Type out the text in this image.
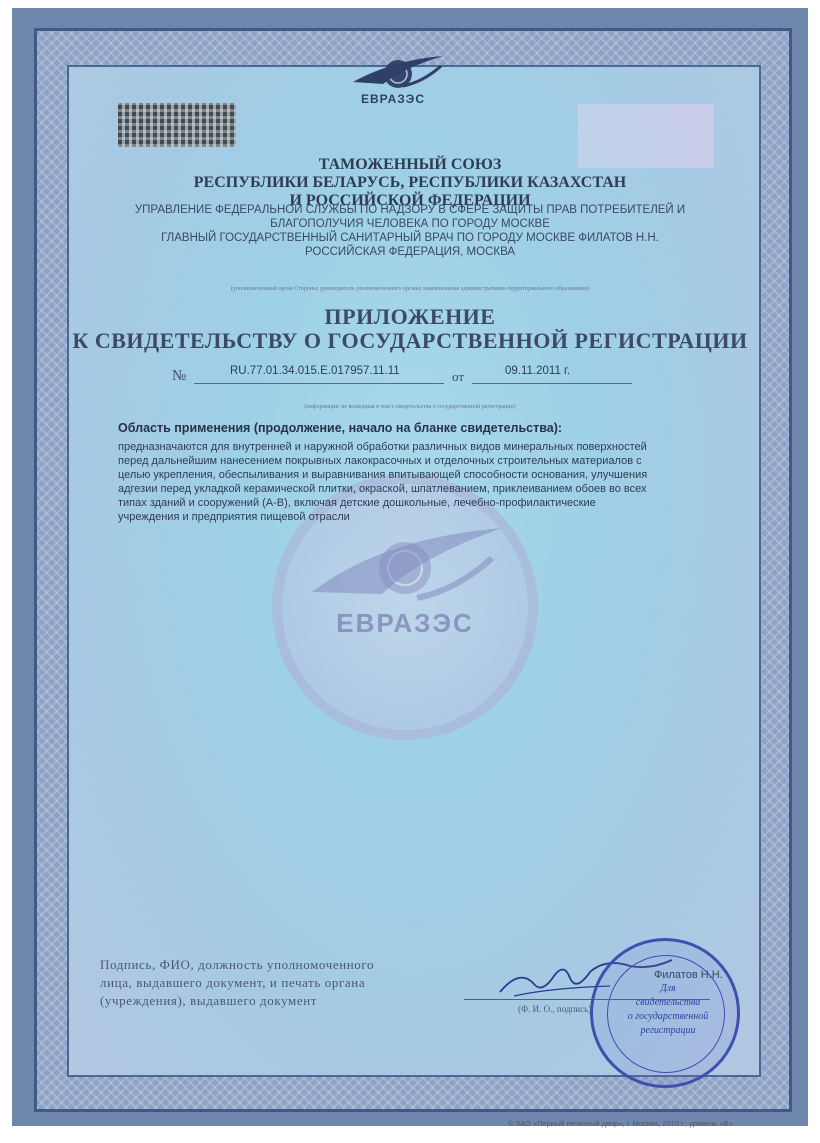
ЕВРАЗЭС
ЕВРАЗЭС
ТАМОЖЕННЫЙ СОЮЗ
РЕСПУБЛИКИ БЕЛАРУСЬ, РЕСПУБЛИКИ КАЗАХСТАН
И РОССИЙСКОЙ ФЕДЕРАЦИИ
УПРАВЛЕНИЕ ФЕДЕРАЛЬНОЙ СЛУЖБЫ ПО НАДЗОРУ В СФЕРЕ ЗАЩИТЫ ПРАВ ПОТРЕБИТЕЛЕЙ И
БЛАГОПОЛУЧИЯ ЧЕЛОВЕКА ПО ГОРОДУ МОСКВЕ
ГЛАВНЫЙ ГОСУДАРСТВЕННЫЙ САНИТАРНЫЙ ВРАЧ ПО ГОРОДУ МОСКВЕ ФИЛАТОВ Н.Н.
РОССИЙСКАЯ ФЕДЕРАЦИЯ, МОСКВА
(уполномоченный орган Стороны; руководитель уполномоченного органа; наименование административно-территориального образования)
ПРИЛОЖЕНИЕ
К СВИДЕТЕЛЬСТВУ О ГОСУДАРСТВЕННОЙ РЕГИСТРАЦИИ
№	RU.77.01.34.015.Е.017957.11.11	от	09.11.2011 г.
(информация, не вошедшая в текст свидетельства о государственной регистрации)
Область применения (продолжение, начало на бланке свидетельства):
предназначаются для внутренней и наружной обработки различных видов минеральных поверхностей
перед дальнейшим нанесением покрывных лакокрасочных и отделочных строительных материалов с
целью укрепления, обеспыливания и выравнивания впитывающей способности основания, улучшения
адгезии перед укладкой керамической плитки, окраской, шпатлеванием, приклеиванием обоев во всех
типах зданий и сооружений (А-В), включая детские дошкольные, лечебно-профилактические
учреждения и предприятия пищевой отрасли
Подпись, ФИО, должность уполномоченного
лица, выдавшего документ, и печать органа
(учреждения), выдавшего документ
Филатов Н.Н.
(Ф. И. О., подпись)
Для
свидетельства
о государственной
регистрации
© ЗАО «Первый печатный двор», г. Москва, 2010 г., уровень «В».
